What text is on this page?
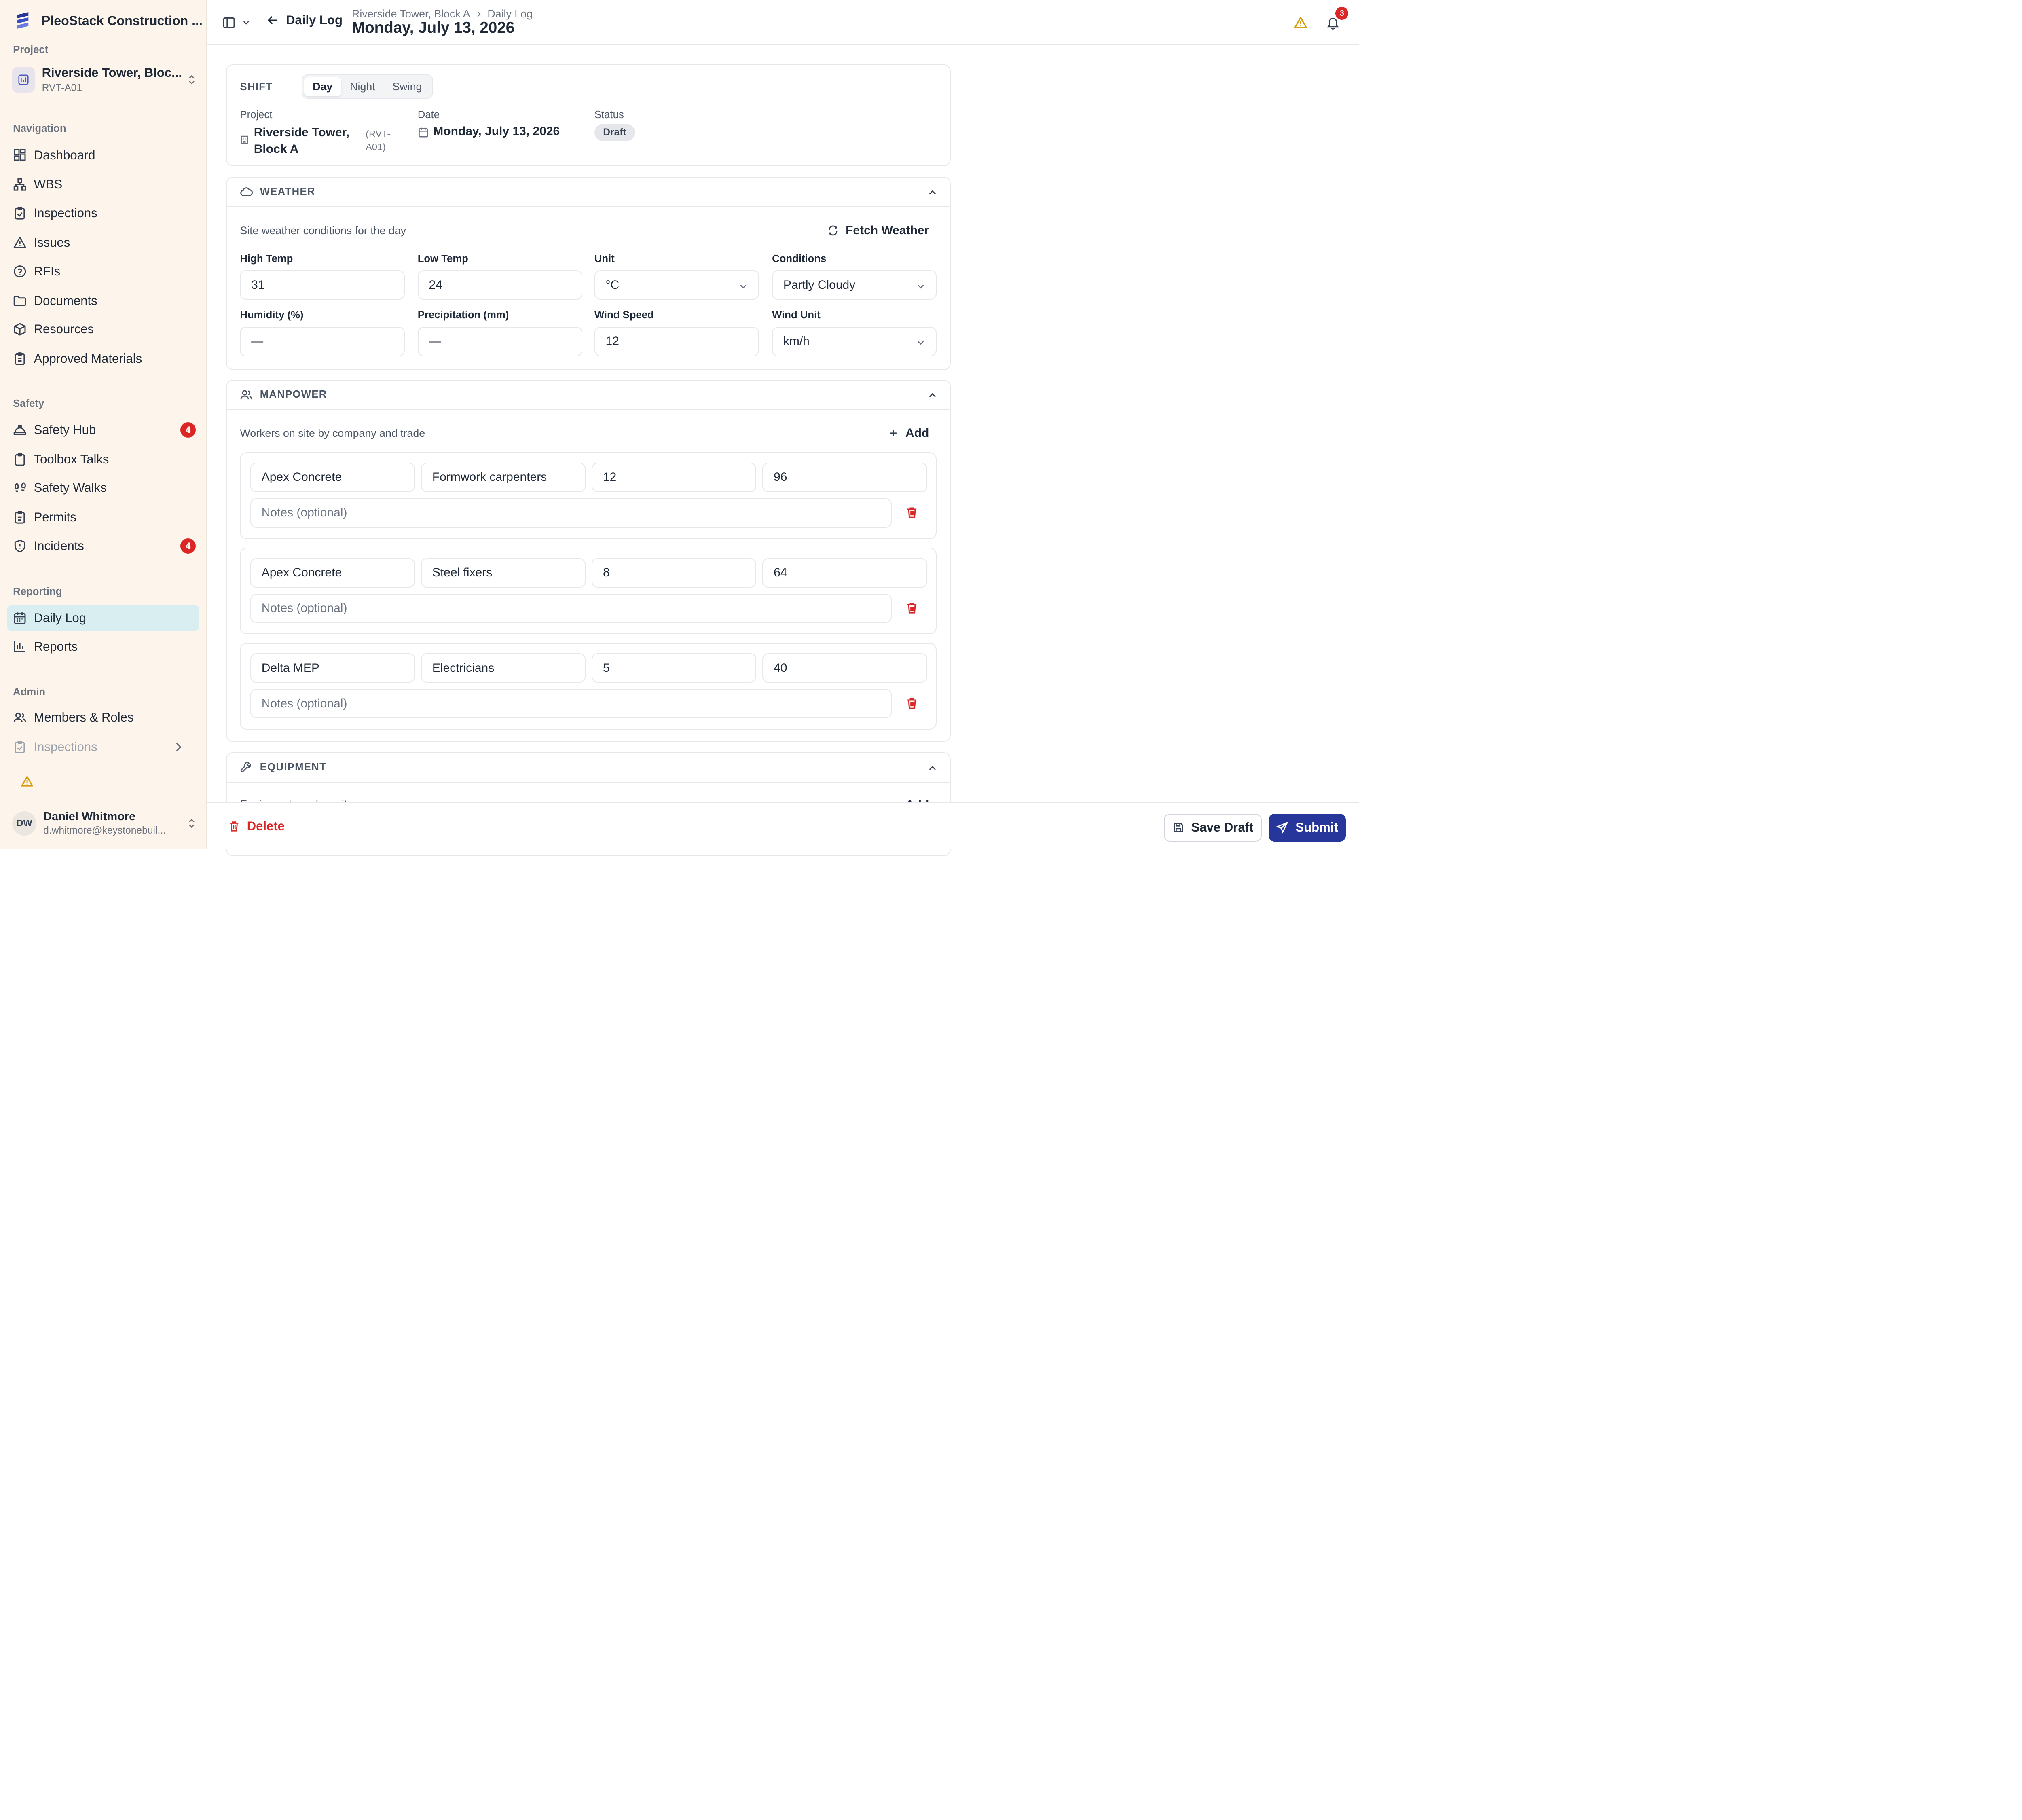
PleoStack Construction ...
Project
Riverside Tower, Bloc...
RVT-A01
Navigation
Dashboard
WBS
Inspections
Issues
RFIs
Documents
Resources
Approved Materials
Safety
Safety Hub	4
Toolbox Talks
Safety Walks
Permits
Incidents	4
Reporting
Daily Log
Reports
Admin
Members & Roles
Inspections
DW
Daniel Whitmore
d.whitmore@keystonebuil...
Daily Log Riverside Tower, Block A	Daily Log
Monday, July 13, 2026
3
SHIFT	Day	Night	Swing
Project
Riverside Tower, Block A
(RVT-A01)
Date
Monday, July 13, 2026
Status
Draft
WEATHER
Site weather conditions for the day	Fetch Weather
High Temp
31
Low Temp
24
Unit
°C
Conditions
Partly Cloudy
Humidity (%)
—
Precipitation (mm)
—
Wind Speed
12
Wind Unit
km/h
MANPOWER
Workers on site by company and trade	Add
Apex Concrete	Formwork carpenters	12	96
Notes (optional)
Apex Concrete	Steel fixers	8	64
Notes (optional)
Delta MEP	Electricians	5	40
Notes (optional)
EQUIPMENT
Delete	Save Draft	Submit
